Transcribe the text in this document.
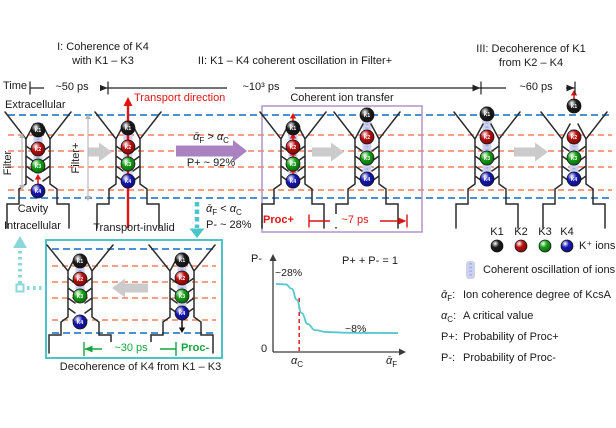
K1
K2
K3
K4
K1
K2
K3
K4
K1
K2
K3
K4
K1
K2
K3
K4
K1
K2
K3
K4
K1
K2
K3
K4
K1
K2
K3
K4
K1
K2
K3
K4
Time	~50 ps	~10³ ps	~60 ps
I: Coherence of K4
with K1 – K3	II: K1 – K4 coherent oscillation in Filter+
III: Decoherence of K1
from K2 – K4
Extracellular
Filter	Filter+
Cavity
Intracellular
Transport direction	Coherent ion transfer
ᾱ$_F$ > $\alpha_C$
P+ ~ 92%
ᾱ$_F$ < $\alpha_C$
P- ~ 28% Proc+	~7 ps
Transport-invalid
~30 ps	Proc-
Decoherence of K4 from K1 – K3
P-	P+ + P- = 1
~28%
~8%
0
$\alpha_C$	ᾱ$_F$
K1 K2 K3 K4
K⁺ ions
Coherent oscillation of ions
ᾱ$_F$: Ion coherence degree of KcsA
$\alpha_C$: A critical value
P+: Probability of Proc+
P-: Probability of Proc-
